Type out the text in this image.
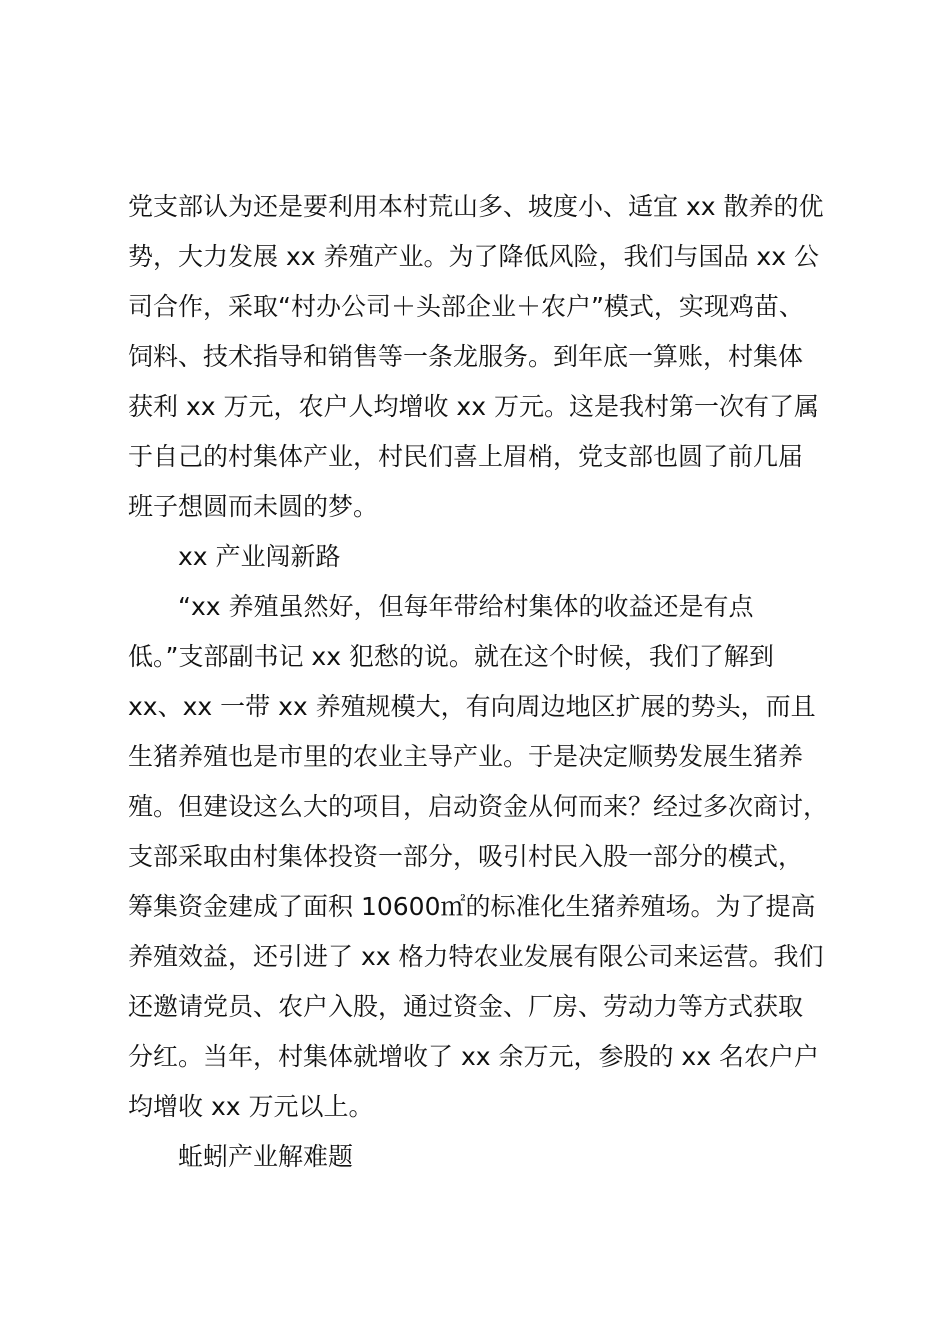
党支部认为还是要利用本村荒山多、坡度小、适宜 xx 散养的优
势，大力发展 xx 养殖产业。为了降低风险，我们与国品 xx 公
司合作，采取“村办公司＋头部企业＋农户”模式，实现鸡苗、
饲料、技术指导和销售等一条龙服务。到年底一算账，村集体
获利 xx 万元，农户人均增收 xx 万元。这是我村第一次有了属
于自己的村集体产业，村民们喜上眉梢，党支部也圆了前几届
班子想圆而未圆的梦。
xx 产业闯新路
“xx 养殖虽然好，但每年带给村集体的收益还是有点
低。”支部副书记 xx 犯愁的说。就在这个时候，我们了解到
xx、xx 一带 xx 养殖规模大，有向周边地区扩展的势头，而且
生猪养殖也是市里的农业主导产业。于是决定顺势发展生猪养
殖。但建设这么大的项目，启动资金从何而来？经过多次商讨，
支部采取由村集体投资一部分，吸引村民入股一部分的模式，
筹集资金建成了面积 10600㎡的标准化生猪养殖场。为了提高
养殖效益，还引进了 xx 格力特农业发展有限公司来运营。我们
还邀请党员、农户入股，通过资金、厂房、劳动力等方式获取
分红。当年，村集体就增收了 xx 余万元，参股的 xx 名农户户
均增收 xx 万元以上。
蚯蚓产业解难题
